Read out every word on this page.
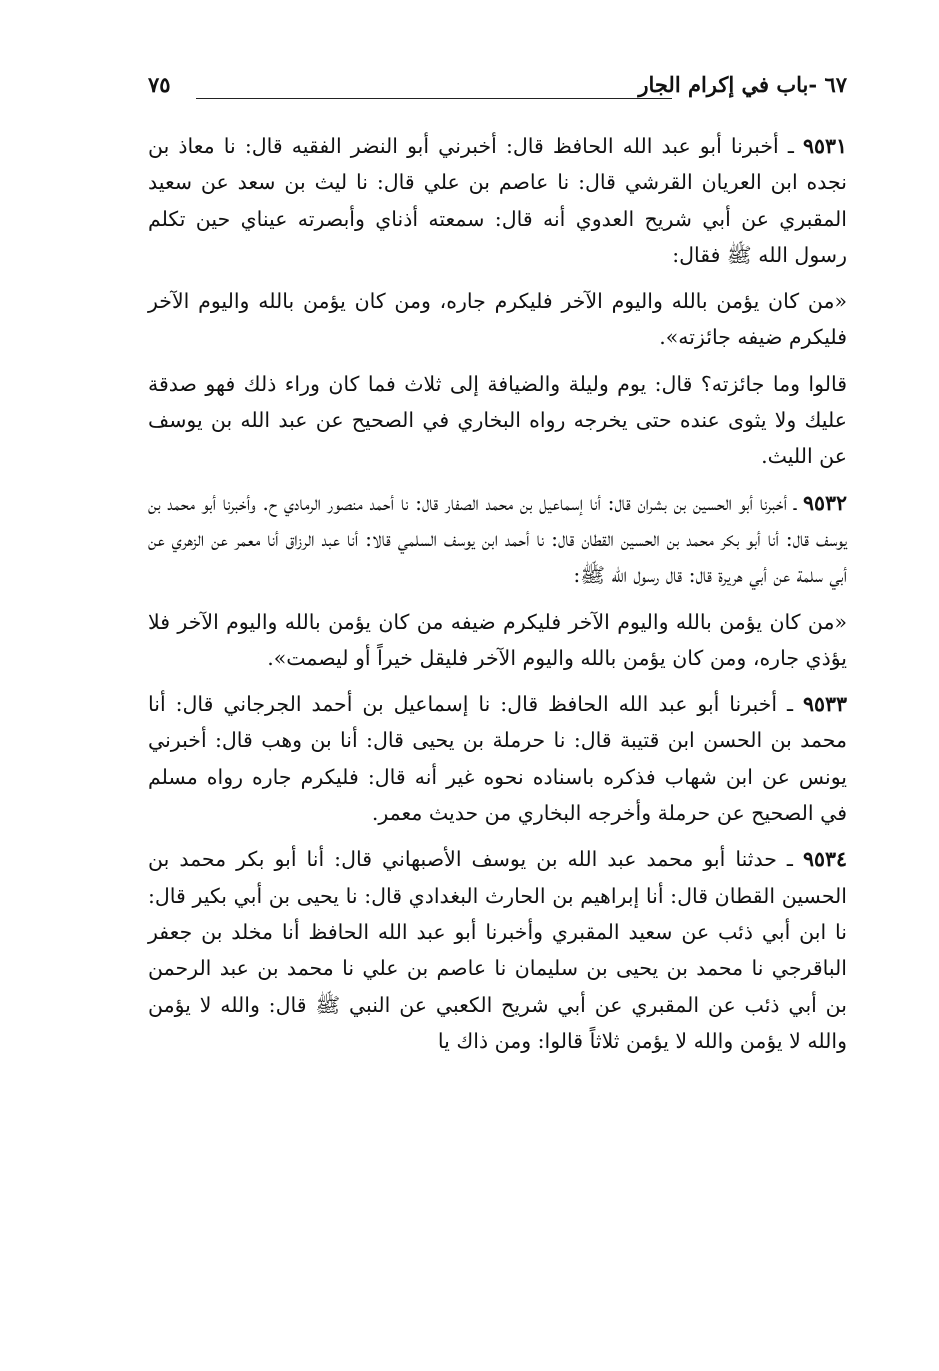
٦٧ -باب في إكرام الجار
٧٥

٩٥٣١ ـ أخبرنا أبو عبد الله الحافظ قال: أخبرني أبو النضر الفقيه قال: نا معاذ بن نجده ابن العريان القرشي قال: نا عاصم بن علي قال: نا ليث بن سعد عن سعيد المقبري عن أبي شريح العدوي أنه قال: سمعته أذناي وأبصرته عيناي حين تكلم رسول الله ﷺ فقال:

«من كان يؤمن بالله واليوم الآخر فليكرم جاره، ومن كان يؤمن بالله واليوم الآخر فليكرم ضيفه جائزته».

قالوا وما جائزته؟ قال: يوم وليلة والضيافة إلى ثلاث فما كان وراء ذلك فهو صدقة عليك ولا يثوى عنده حتى يخرجه رواه البخاري في الصحيح عن عبد الله بن يوسف عن الليث.

٩٥٣٢ ـ أخبرنا أبو الحسين بن بشران قال: أنا إسماعيل بن محمد الصفار قال: نا أحمد منصور الرمادي ح. وأخبرنا أبو محمد بن يوسف قال: أنا أبو بكر محمد بن الحسين القطان قال: نا أحمد ابن يوسف السلمي قالا: أنا عبد الرزاق أنا معمر عن الزهري عن أبي سلمة عن أبي هريرة قال: قال رسول الله ﷺ:

«من كان يؤمن بالله واليوم الآخر فليكرم ضيفه من كان يؤمن بالله واليوم الآخر فلا يؤذي جاره، ومن كان يؤمن بالله واليوم الآخر فليقل خيراً أو ليصمت».

٩٥٣٣ ـ أخبرنا أبو عبد الله الحافظ قال: نا إسماعيل بن أحمد الجرجاني قال: أنا محمد بن الحسن ابن قتيبة قال: نا حرملة بن يحيى قال: أنا بن وهب قال: أخبرني يونس عن ابن شهاب فذكره باسناده نحوه غير أنه قال: فليكرم جاره رواه مسلم في الصحيح عن حرملة وأخرجه البخاري من حديث معمر.

٩٥٣٤ ـ حدثنا أبو محمد عبد الله بن يوسف الأصبهاني قال: أنا أبو بكر محمد بن الحسين القطان قال: أنا إبراهيم بن الحارث البغدادي قال: نا يحيى بن أبي بكير قال: نا ابن أبي ذئب عن سعيد المقبري وأخبرنا أبو عبد الله الحافظ أنا مخلد بن جعفر الباقرجي نا محمد بن يحيى بن سليمان نا عاصم بن علي نا محمد بن عبد الرحمن بن أبي ذئب عن المقبري عن أبي شريح الكعبي عن النبي ﷺ قال: والله لا يؤمن والله لا يؤمن والله لا يؤمن ثلاثاً قالوا: ومن ذاك يا
